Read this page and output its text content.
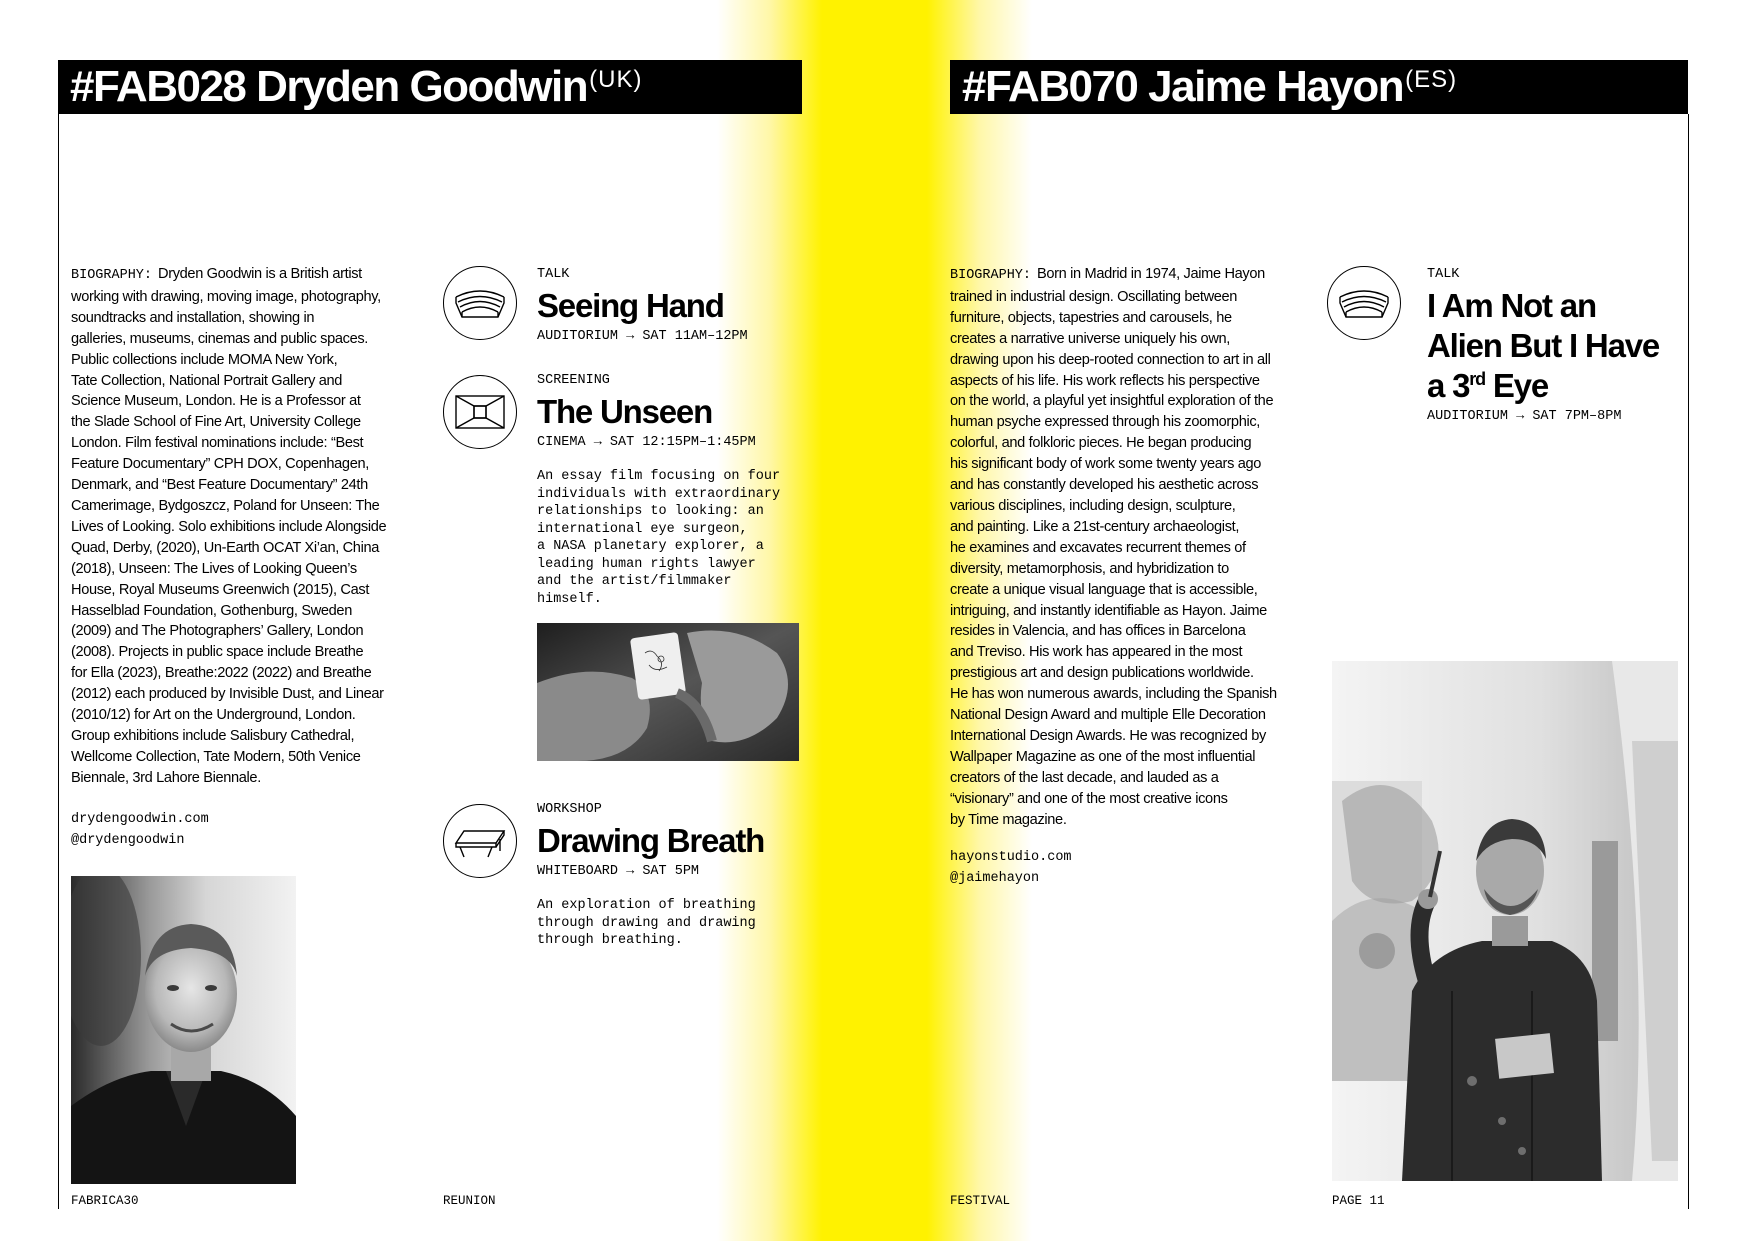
#FAB028
Dryden Goodwin (UK)

BIOGRAPHY: Dryden Goodwin is a British artist

working with drawing, moving image, photography,

soundtracks and installation, showing in

galleries, museums, cinemas and public spaces.

Public collections include MOMA New York,

Tate Collection, National Portrait Gallery and

Science Museum, London. He is a Professor at

the Slade School of Fine Art, University College

London. Film festival nominations include: “Best

Feature Documentary” CPH DOX, Copenhagen,

Denmark, and “Best Feature Documentary” 24th

Camerimage, Bydgoszcz, Poland for Unseen: The

Lives of Looking. Solo exhibitions include Alongside

Quad, Derby, (2020), Un-Earth OCAT Xi’an, China

(2018), Unseen: The Lives of Looking Queen’s

House, Royal Museums Greenwich (2015), Cast

Hasselblad Foundation, Gothenburg, Sweden

(2009) and The Photographers’ Gallery, London

(2008). Projects in public space include Breathe

for Ella (2023), Breathe:2022 (2022) and Breathe

(2012) each produced by Invisible Dust, and Linear

(2010/12) for Art on the Underground, London.

Group exhibitions include Salisbury Cathedral,

Wellcome Collection, Tate Modern, 50th Venice

Biennale, 3rd Lahore Biennale.

drydengoodwin.com
@drydengoodwin
TALK
Seeing Hand
AUDITORIUM → SAT 11AM–12PM
SCREENING
The Unseen
CINEMA → SAT 12:15PM–1:45PM
An essay film focusing on four
individuals with extraordinary
relationships to looking: an
international eye surgeon,
a NASA planetary explorer, a
leading human rights lawyer
and the artist/filmmaker
himself.
WORKSHOP
Drawing Breath
WHITEBOARD → SAT 5PM
An exploration of breathing
through drawing and drawing
through breathing.
FABRICA30	REUNION
#FAB070
Jaime Hayon (ES)

BIOGRAPHY: Born in Madrid in 1974, Jaime Hayon

trained in industrial design. Oscillating between

furniture, objects, tapestries and carousels, he

creates a narrative universe uniquely his own,

drawing upon his deep-rooted connection to art in all

aspects of his life. His work reflects his perspective

on the world, a playful yet insightful exploration of the

human psyche expressed through his zoomorphic,

colorful, and folkloric pieces. He began producing

his significant body of work some twenty years ago

and has constantly developed his aesthetic across

various disciplines, including design, sculpture,

and painting. Like a 21st-century archaeologist,

he examines and excavates recurrent themes of

diversity, metamorphosis, and hybridization to

create a unique visual language that is accessible,

intriguing, and instantly identifiable as Hayon. Jaime

resides in Valencia, and has offices in Barcelona

and Treviso. His work has appeared in the most

prestigious art and design publications worldwide.

He has won numerous awards, including the Spanish

National Design Award and multiple Elle Decoration

International Design Awards. He was recognized by

Wallpaper Magazine as one of the most influential

creators of the last decade, and lauded as a

“visionary” and one of the most creative icons

by Time magazine.

hayonstudio.com
@jaimehayon
TALK
I Am Not an
Alien But I Have
a 3rd Eye
AUDITORIUM → SAT 7PM–8PM
FESTIVAL	PAGE 11
